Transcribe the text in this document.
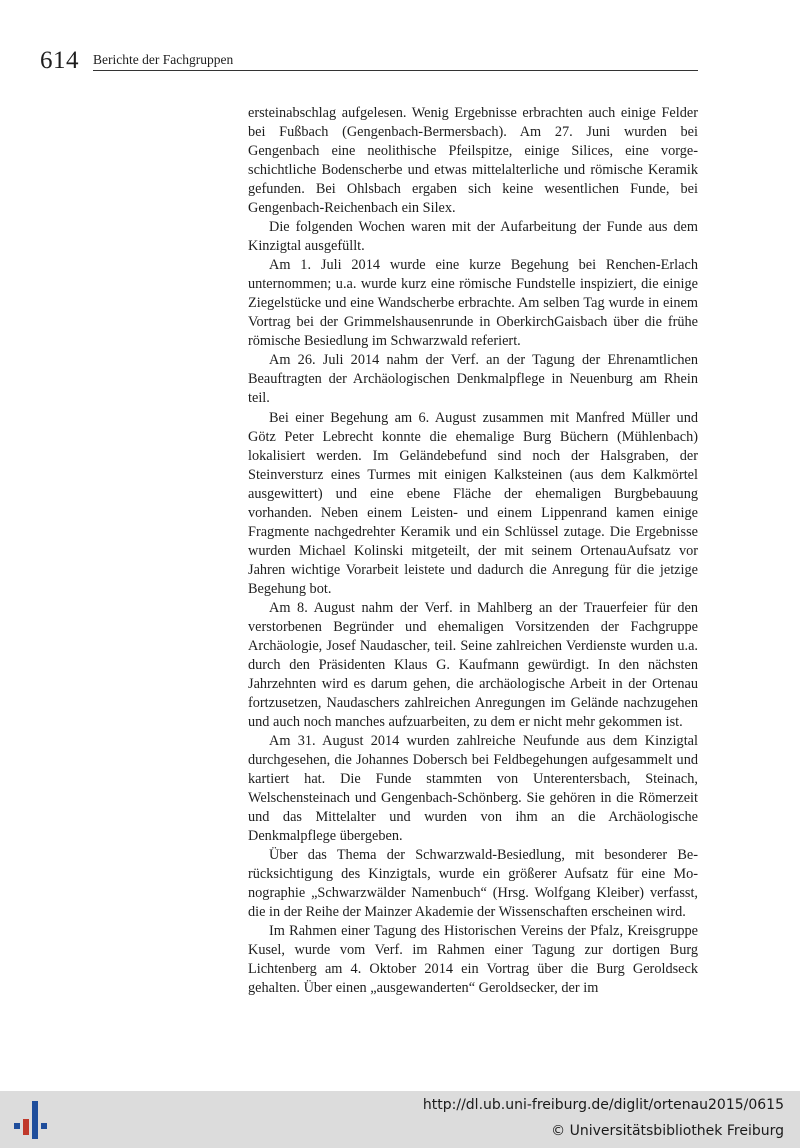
614 Berichte der Fachgruppen

ersteinabschlag aufgelesen. Wenig Ergebnisse erbrachten auch einige Felder bei Fußbach (Gengenbach-Bermersbach). Am 27. Juni wurden bei Gengenbach eine neolithische Pfeilspitze, einige Silices, eine vorgeschichtliche Bodenscherbe und etwas mittelalterliche und römische Keramik gefunden. Bei Ohlsbach ergaben sich keine wesentlichen Funde, bei Gengenbach-Reichenbach ein Silex.

Die folgenden Wochen waren mit der Aufarbeitung der Funde aus dem Kinzigtal ausgefüllt.

Am 1. Juli 2014 wurde eine kurze Begehung bei Renchen-Erlach unternommen; u.a. wurde kurz eine römische Fundstelle inspiziert, die einige Ziegelstücke und eine Wandscherbe erbrachte. Am selben Tag wurde in einem Vortrag bei der Grimmelshausenrunde in OberkirchGaisbach über die frühe römische Besiedlung im Schwarzwald referiert.

Am 26. Juli 2014 nahm der Verf. an der Tagung der Ehrenamtlichen Beauftragten der Archäologischen Denkmalpflege in Neuenburg am Rhein teil.

Bei einer Begehung am 6. August zusammen mit Manfred Müller und Götz Peter Lebrecht konnte die ehemalige Burg Büchern (Mühlenbach) lokalisiert werden. Im Geländebefund sind noch der Halsgraben, der Steinversturz eines Turmes mit einigen Kalksteinen (aus dem Kalkmörtel ausgewittert) und eine ebene Fläche der ehemaligen Burgbebauung vorhanden. Neben einem Leisten- und einem Lippenrand kamen einige Fragmente nachgedrehter Keramik und ein Schlüssel zutage. Die Ergebnisse wurden Michael Kolinski mitgeteilt, der mit seinem OrtenauAufsatz vor Jahren wichtige Vorarbeit leistete und dadurch die Anregung für die jetzige Begehung bot.

Am 8. August nahm der Verf. in Mahlberg an der Trauerfeier für den verstorbenen Begründer und ehemaligen Vorsitzenden der Fachgruppe Archäologie, Josef Naudascher, teil. Seine zahlreichen Verdienste wurden u.a. durch den Präsidenten Klaus G. Kaufmann gewürdigt. In den nächsten Jahrzehnten wird es darum gehen, die archäologische Arbeit in der Ortenau fortzusetzen, Naudaschers zahlreichen Anregungen im Gelände nachzugehen und auch noch manches aufzuarbeiten, zu dem er nicht mehr gekommen ist.

Am 31. August 2014 wurden zahlreiche Neufunde aus dem Kinzigtal durchgesehen, die Johannes Dobersch bei Feldbegehungen aufgesammelt und kartiert hat. Die Funde stammten von Unterentersbach, Steinach, Welschensteinach und Gengenbach-Schönberg. Sie gehören in die Römerzeit und das Mittelalter und wurden von ihm an die Archäologische Denkmalpflege übergeben.

Über das Thema der Schwarzwald-Besiedlung, mit besonderer Berücksichtigung des Kinzigtals, wurde ein größerer Aufsatz für eine Monographie „Schwarzwälder Namenbuch“ (Hrsg. Wolfgang Kleiber) verfasst, die in der Reihe der Mainzer Akademie der Wissenschaften erscheinen wird.

Im Rahmen einer Tagung des Historischen Vereins der Pfalz, Kreisgruppe Kusel, wurde vom Verf. im Rahmen einer Tagung zur dortigen Burg Lichtenberg am 4. Oktober 2014 ein Vortrag über die Burg Geroldseck gehalten. Über einen „ausgewanderten“ Geroldsecker, der im

http://dl.ub.uni-freiburg.de/diglit/ortenau2015/0615
© Universitätsbibliothek Freiburg
